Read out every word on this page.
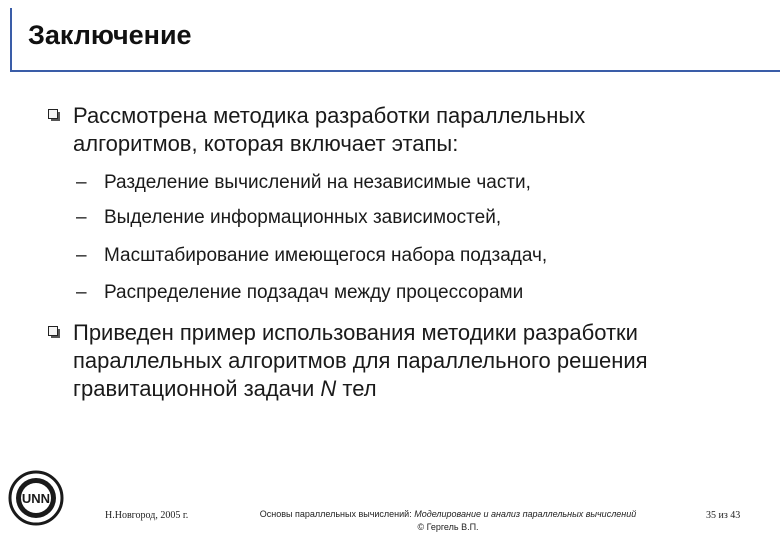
Заключение
Рассмотрена методика разработки параллельных алгоритмов, которая включает этапы:
– Разделение вычислений на независимые части,
– Выделение информационных зависимостей,
– Масштабирование имеющегося набора подзадач,
– Распределение подзадач между процессорами
Приведен пример использования методики разработки параллельных алгоритмов для параллельного решения гравитационной задачи N тел
UNN
Н.Новгород, 2005 г.	Основы параллельных вычислений: Моделирование и анализ параллельных вычислений
© Гергель В.П.
35 из 43
